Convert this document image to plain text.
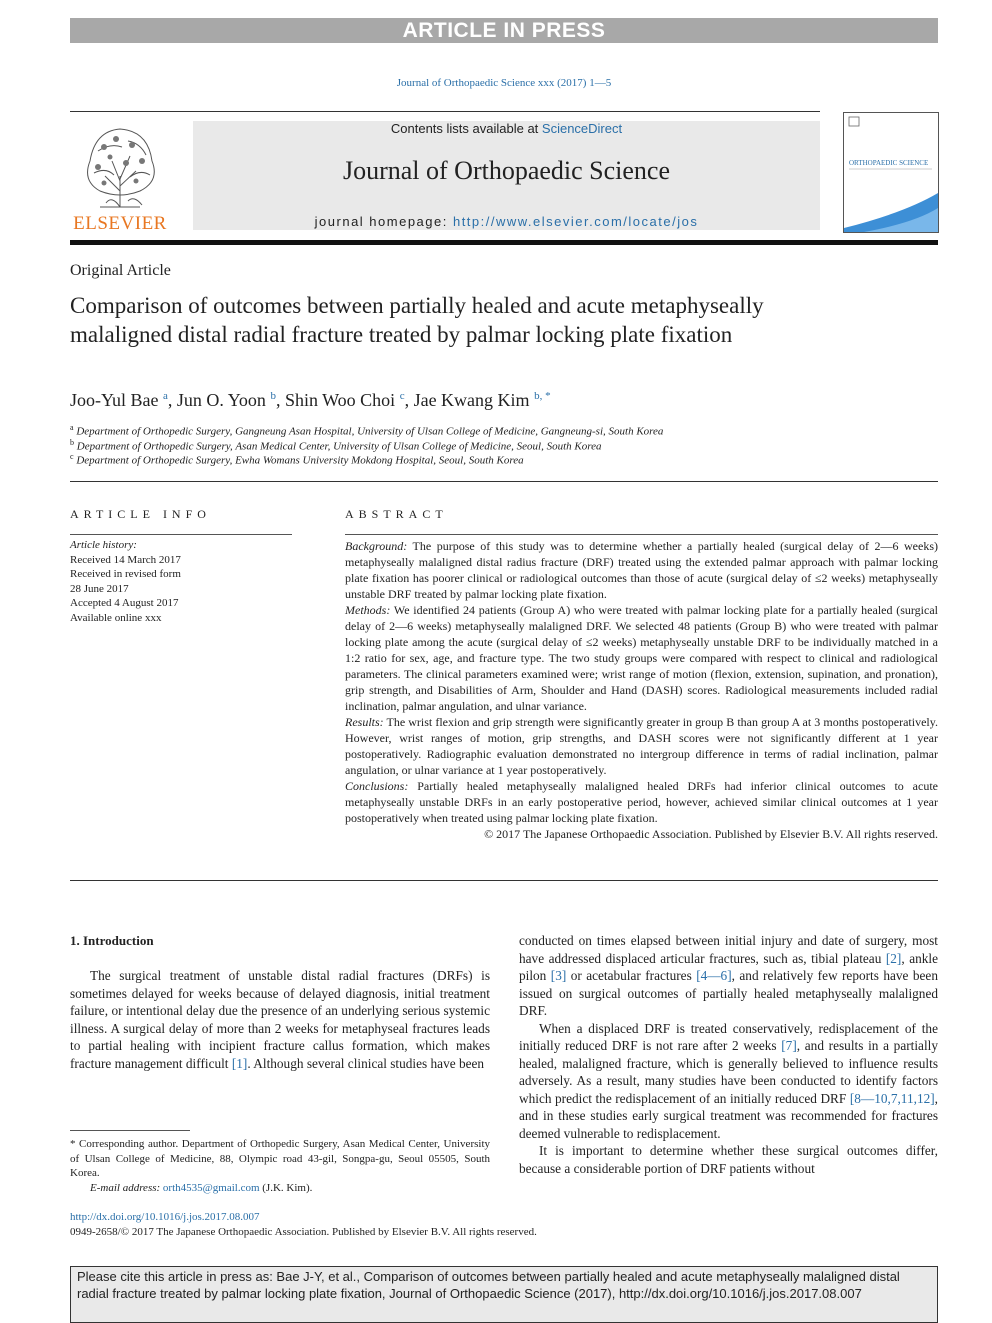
ARTICLE IN PRESS
Journal of Orthopaedic Science xxx (2017) 1—5
ELSEVIER
Contents lists available at ScienceDirect
Journal of Orthopaedic Science
journal homepage: http://www.elsevier.com/locate/jos
ORTHOPAEDIC SCIENCE
Original Article
Comparison of outcomes between partially healed and acute metaphyseally malaligned distal radial fracture treated by palmar locking plate fixation
Joo-Yul Bae $^a$, Jun O. Yoon $^b$, Shin Woo Choi $^c$, Jae Kwang Kim $^{b, *}$
$^a$ Department of Orthopedic Surgery, Gangneung Asan Hospital, University of Ulsan College of Medicine, Gangneung-si, South Korea
$^b$ Department of Orthopedic Surgery, Asan Medical Center, University of Ulsan College of Medicine, Seoul, South Korea
$^c$ Department of Orthopedic Surgery, Ewha Womans University Mokdong Hospital, Seoul, South Korea
ARTICLE INFO
Article history:
Received 14 March 2017
Received in revised form
28 June 2017
Accepted 4 August 2017
Available online xxx
ABSTRACT

Background: The purpose of this study was to determine whether a partially healed (surgical delay of 2—6 weeks) metaphyseally malaligned distal radius fracture (DRF) treated using the extended palmar approach with palmar locking plate fixation has poorer clinical or radiological outcomes than those of acute (surgical delay of ≤2 weeks) metaphyseally unstable DRF treated by palmar locking plate fixation.

Methods: We identified 24 patients (Group A) who were treated with palmar locking plate for a partially healed (surgical delay of 2—6 weeks) metaphyseally malaligned DRF. We selected 48 patients (Group B) who were treated with palmar locking plate among the acute (surgical delay of ≤2 weeks) metaphyseally unstable DRF to be individually matched in a 1:2 ratio for sex, age, and fracture type. The two study groups were compared with respect to clinical and radiological parameters. The clinical parameters examined were; wrist range of motion (flexion, extension, supination, and pronation), grip strength, and Disabilities of Arm, Shoulder and Hand (DASH) scores. Radiological measurements included radial inclination, palmar angulation, and ulnar variance.

Results: The wrist flexion and grip strength were significantly greater in group B than group A at 3 months postoperatively. However, wrist ranges of motion, grip strengths, and DASH scores were not significantly different at 1 year postoperatively. Radiographic evaluation demonstrated no intergroup difference in terms of radial inclination, palmar angulation, or ulnar variance at 1 year postoperatively.

Conclusions: Partially healed metaphyseally malaligned healed DRFs had inferior clinical outcomes to acute metaphyseally unstable DRFs in an early postoperative period, however, achieved similar clinical outcomes at 1 year postoperatively when treated using palmar locking plate fixation.

© 2017 The Japanese Orthopaedic Association. Published by Elsevier B.V. All rights reserved.

1. Introduction

The surgical treatment of unstable distal radial fractures (DRFs) is sometimes delayed for weeks because of delayed diagnosis, initial treatment failure, or intentional delay due the presence of an underlying serious systemic illness. A surgical delay of more than 2 weeks for metaphyseal fractures leads to partial healing with incipient fracture callus formation, which makes fracture management difficult [1]. Although several clinical studies have been

conducted on times elapsed between initial injury and date of surgery, most have addressed displaced articular fractures, such as, tibial plateau [2], ankle pilon [3] or acetabular fractures [4—6], and relatively few reports have been issued on surgical outcomes of partially healed metaphyseally malaligned DRF.

When a displaced DRF is treated conservatively, redisplacement of the initially reduced DRF is not rare after 2 weeks [7], and results in a partially healed, malaligned fracture, which is generally believed to influence results adversely. As a result, many studies have been conducted to identify factors which predict the redisplacement of an initially reduced DRF [8—10,7,11,12], and in these studies early surgical treatment was recommended for fractures deemed vulnerable to redisplacement.

It is important to determine whether these surgical outcomes differ, because a considerable portion of DRF patients without

* Corresponding author. Department of Orthopedic Surgery, Asan Medical Center, University of Ulsan College of Medicine, 88, Olympic road 43-gil, Songpa-gu, Seoul 05505, South Korea.
E-mail address: orth4535@gmail.com (J.K. Kim).
http://dx.doi.org/10.1016/j.jos.2017.08.007
0949-2658/© 2017 The Japanese Orthopaedic Association. Published by Elsevier B.V. All rights reserved.
Please cite this article in press as: Bae J-Y, et al., Comparison of outcomes between partially healed and acute metaphyseally malaligned distal radial fracture treated by palmar locking plate fixation, Journal of Orthopaedic Science (2017), http://dx.doi.org/10.1016/j.jos.2017.08.007
